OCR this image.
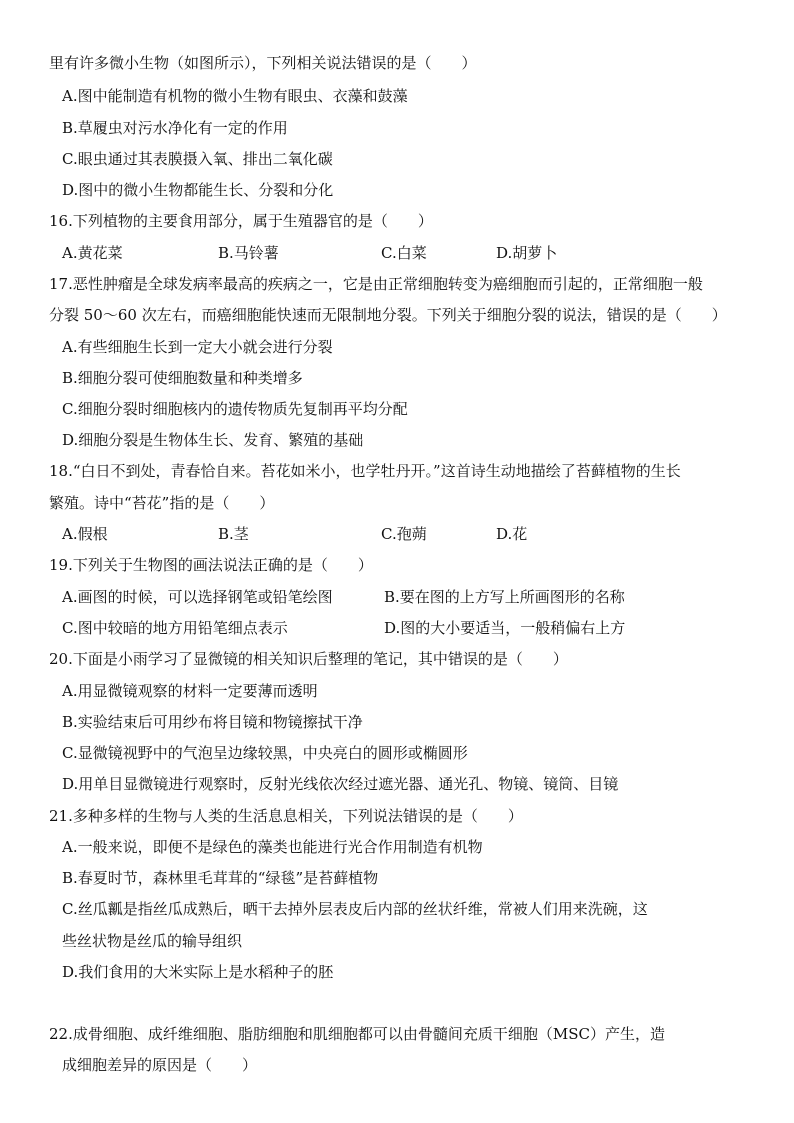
里有许多微小生物（如图所示），下列相关说法错误的是（　　）
A.图中能制造有机物的微小生物有眼虫、衣藻和鼓藻
B.草履虫对污水净化有一定的作用
C.眼虫通过其表膜摄入氧、排出二氧化碳
D.图中的微小生物都能生长、分裂和分化
16.下列植物的主要食用部分，属于生殖器官的是（　　）
A.黄花菜	B.马铃薯	C.白菜	D.胡萝卜
17.恶性肿瘤是全球发病率最高的疾病之一，它是由正常细胞转变为癌细胞而引起的，正常细胞一般
分裂 50～60 次左右，而癌细胞能快速而无限制地分裂。下列关于细胞分裂的说法，错误的是（　　）
A.有些细胞生长到一定大小就会进行分裂
B.细胞分裂可使细胞数量和种类增多
C.细胞分裂时细胞核内的遗传物质先复制再平均分配
D.细胞分裂是生物体生长、发育、繁殖的基础
18.“白日不到处，青春恰自来。苔花如米小，也学牡丹开。”这首诗生动地描绘了苔藓植物的生长
繁殖。诗中“苔花”指的是（　　）
A.假根	B.茎	C.孢蒴	D.花
19.下列关于生物图的画法说法正确的是（　　）
A.画图的时候，可以选择钢笔或铅笔绘图	B.要在图的上方写上所画图形的名称
C.图中较暗的地方用铅笔细点表示	D.图的大小要适当，一般稍偏右上方
20.下面是小雨学习了显微镜的相关知识后整理的笔记，其中错误的是（　　）
A.用显微镜观察的材料一定要薄而透明
B.实验结束后可用纱布将目镜和物镜擦拭干净
C.显微镜视野中的气泡呈边缘较黑，中央亮白的圆形或椭圆形
D.用单目显微镜进行观察时，反射光线依次经过遮光器、通光孔、物镜、镜筒、目镜
21.多种多样的生物与人类的生活息息相关，下列说法错误的是（　　）
A.一般来说，即便不是绿色的藻类也能进行光合作用制造有机物
B.春夏时节，森林里毛茸茸的“绿毯”是苔藓植物
C.丝瓜瓤是指丝瓜成熟后，晒干去掉外层表皮后内部的丝状纤维，常被人们用来洗碗，这
些丝状物是丝瓜的输导组织
D.我们食用的大米实际上是水稻种子的胚
22.成骨细胞、成纤维细胞、脂肪细胞和肌细胞都可以由骨髓间充质干细胞（MSC）产生，造
成细胞差异的原因是（　　）
